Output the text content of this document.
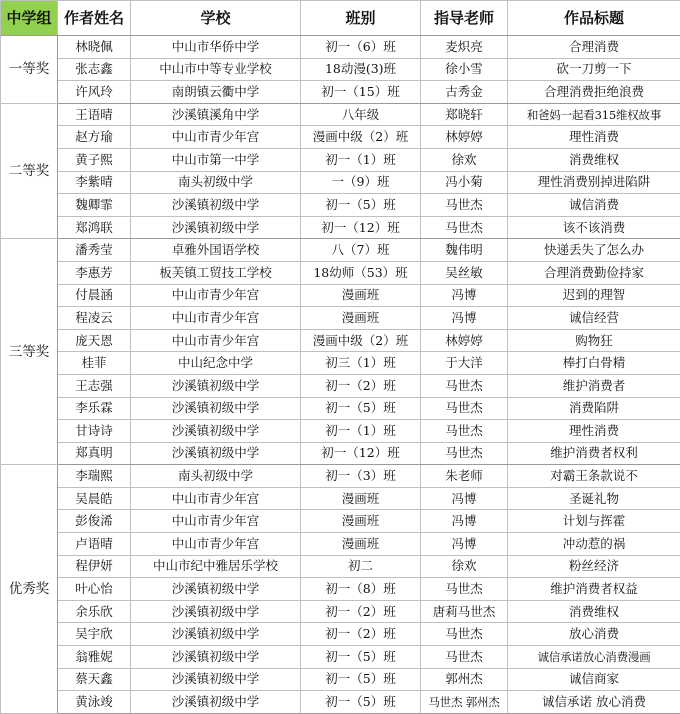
中学组	作者姓名	学校	班别	指导老师	作品标题
一等奖	林晓佩	中山市华侨中学	初一（6）班	麦炽亮	合理消费
	张志鑫	中山市中等专业学校	18动漫(3)班	徐小雪	砍一刀剪一下
	许风玲	南朗镇云衢中学	初一（15）班	古秀金	合理消费拒绝浪费
二等奖	王语晴	沙溪镇溪角中学	八年级	郑晓轩	和爸妈一起看315维权故事
	赵方瑜	中山市青少年宫	漫画中级（2）班	林婷婷	理性消费
	黄子熙	中山市第一中学	初一（1）班	徐欢	消费维权
	李紫晴	南头初级中学	一（9）班	冯小菊	理性消费别掉进陷阱
	魏卿霏	沙溪镇初级中学	初一（5）班	马世杰	诚信消费
	郑鸿联	沙溪镇初级中学	初一（12）班	马世杰	该不该消费
三等奖	潘秀莹	卓雅外国语学校	八（7）班	魏伟明	快递丢失了怎么办
	李惠芳	板芙镇工贸技工学校	18幼师（53）班	吴丝敏	合理消费勤俭持家
	付晨涵	中山市青少年宫	漫画班	冯博	迟到的理智
	程凌云	中山市青少年宫	漫画班	冯博	诚信经营
	庞天恩	中山市青少年宫	漫画中级（2）班	林婷婷	购物狂
	桂菲	中山纪念中学	初三（1）班	于大洋	棒打白骨精
	王志强	沙溪镇初级中学	初一（2）班	马世杰	维护消费者
	李乐霖	沙溪镇初级中学	初一（5）班	马世杰	消费陷阱
	甘诗诗	沙溪镇初级中学	初一（1）班	马世杰	理性消费
	郑真明	沙溪镇初级中学	初一（12）班	马世杰	维护消费者权利
优秀奖	李瑞熙	南头初级中学	初一（3）班	朱老师	对霸王条款说不
	吴晨皓	中山市青少年宫	漫画班	冯博	圣诞礼物
	彭俊浠	中山市青少年宫	漫画班	冯博	计划与挥霍
	卢语晴	中山市青少年宫	漫画班	冯博	冲动惹的祸
	程伊妍	中山市纪中雅居乐学校	初二	徐欢	粉丝经济
	叶心怡	沙溪镇初级中学	初一（8）班	马世杰	维护消费者权益
	余乐欣	沙溪镇初级中学	初一（2）班	唐莉马世杰	消费维权
	吴宇欣	沙溪镇初级中学	初一（2）班	马世杰	放心消费
	翁雅妮	沙溪镇初级中学	初一（5）班	马世杰	诚信承诺放心消费漫画
	蔡天鑫	沙溪镇初级中学	初一（5）班	郭州杰	诚信商家
	黄泳竣	沙溪镇初级中学	初一（5）班	马世杰 郭州杰	诚信承诺 放心消费
